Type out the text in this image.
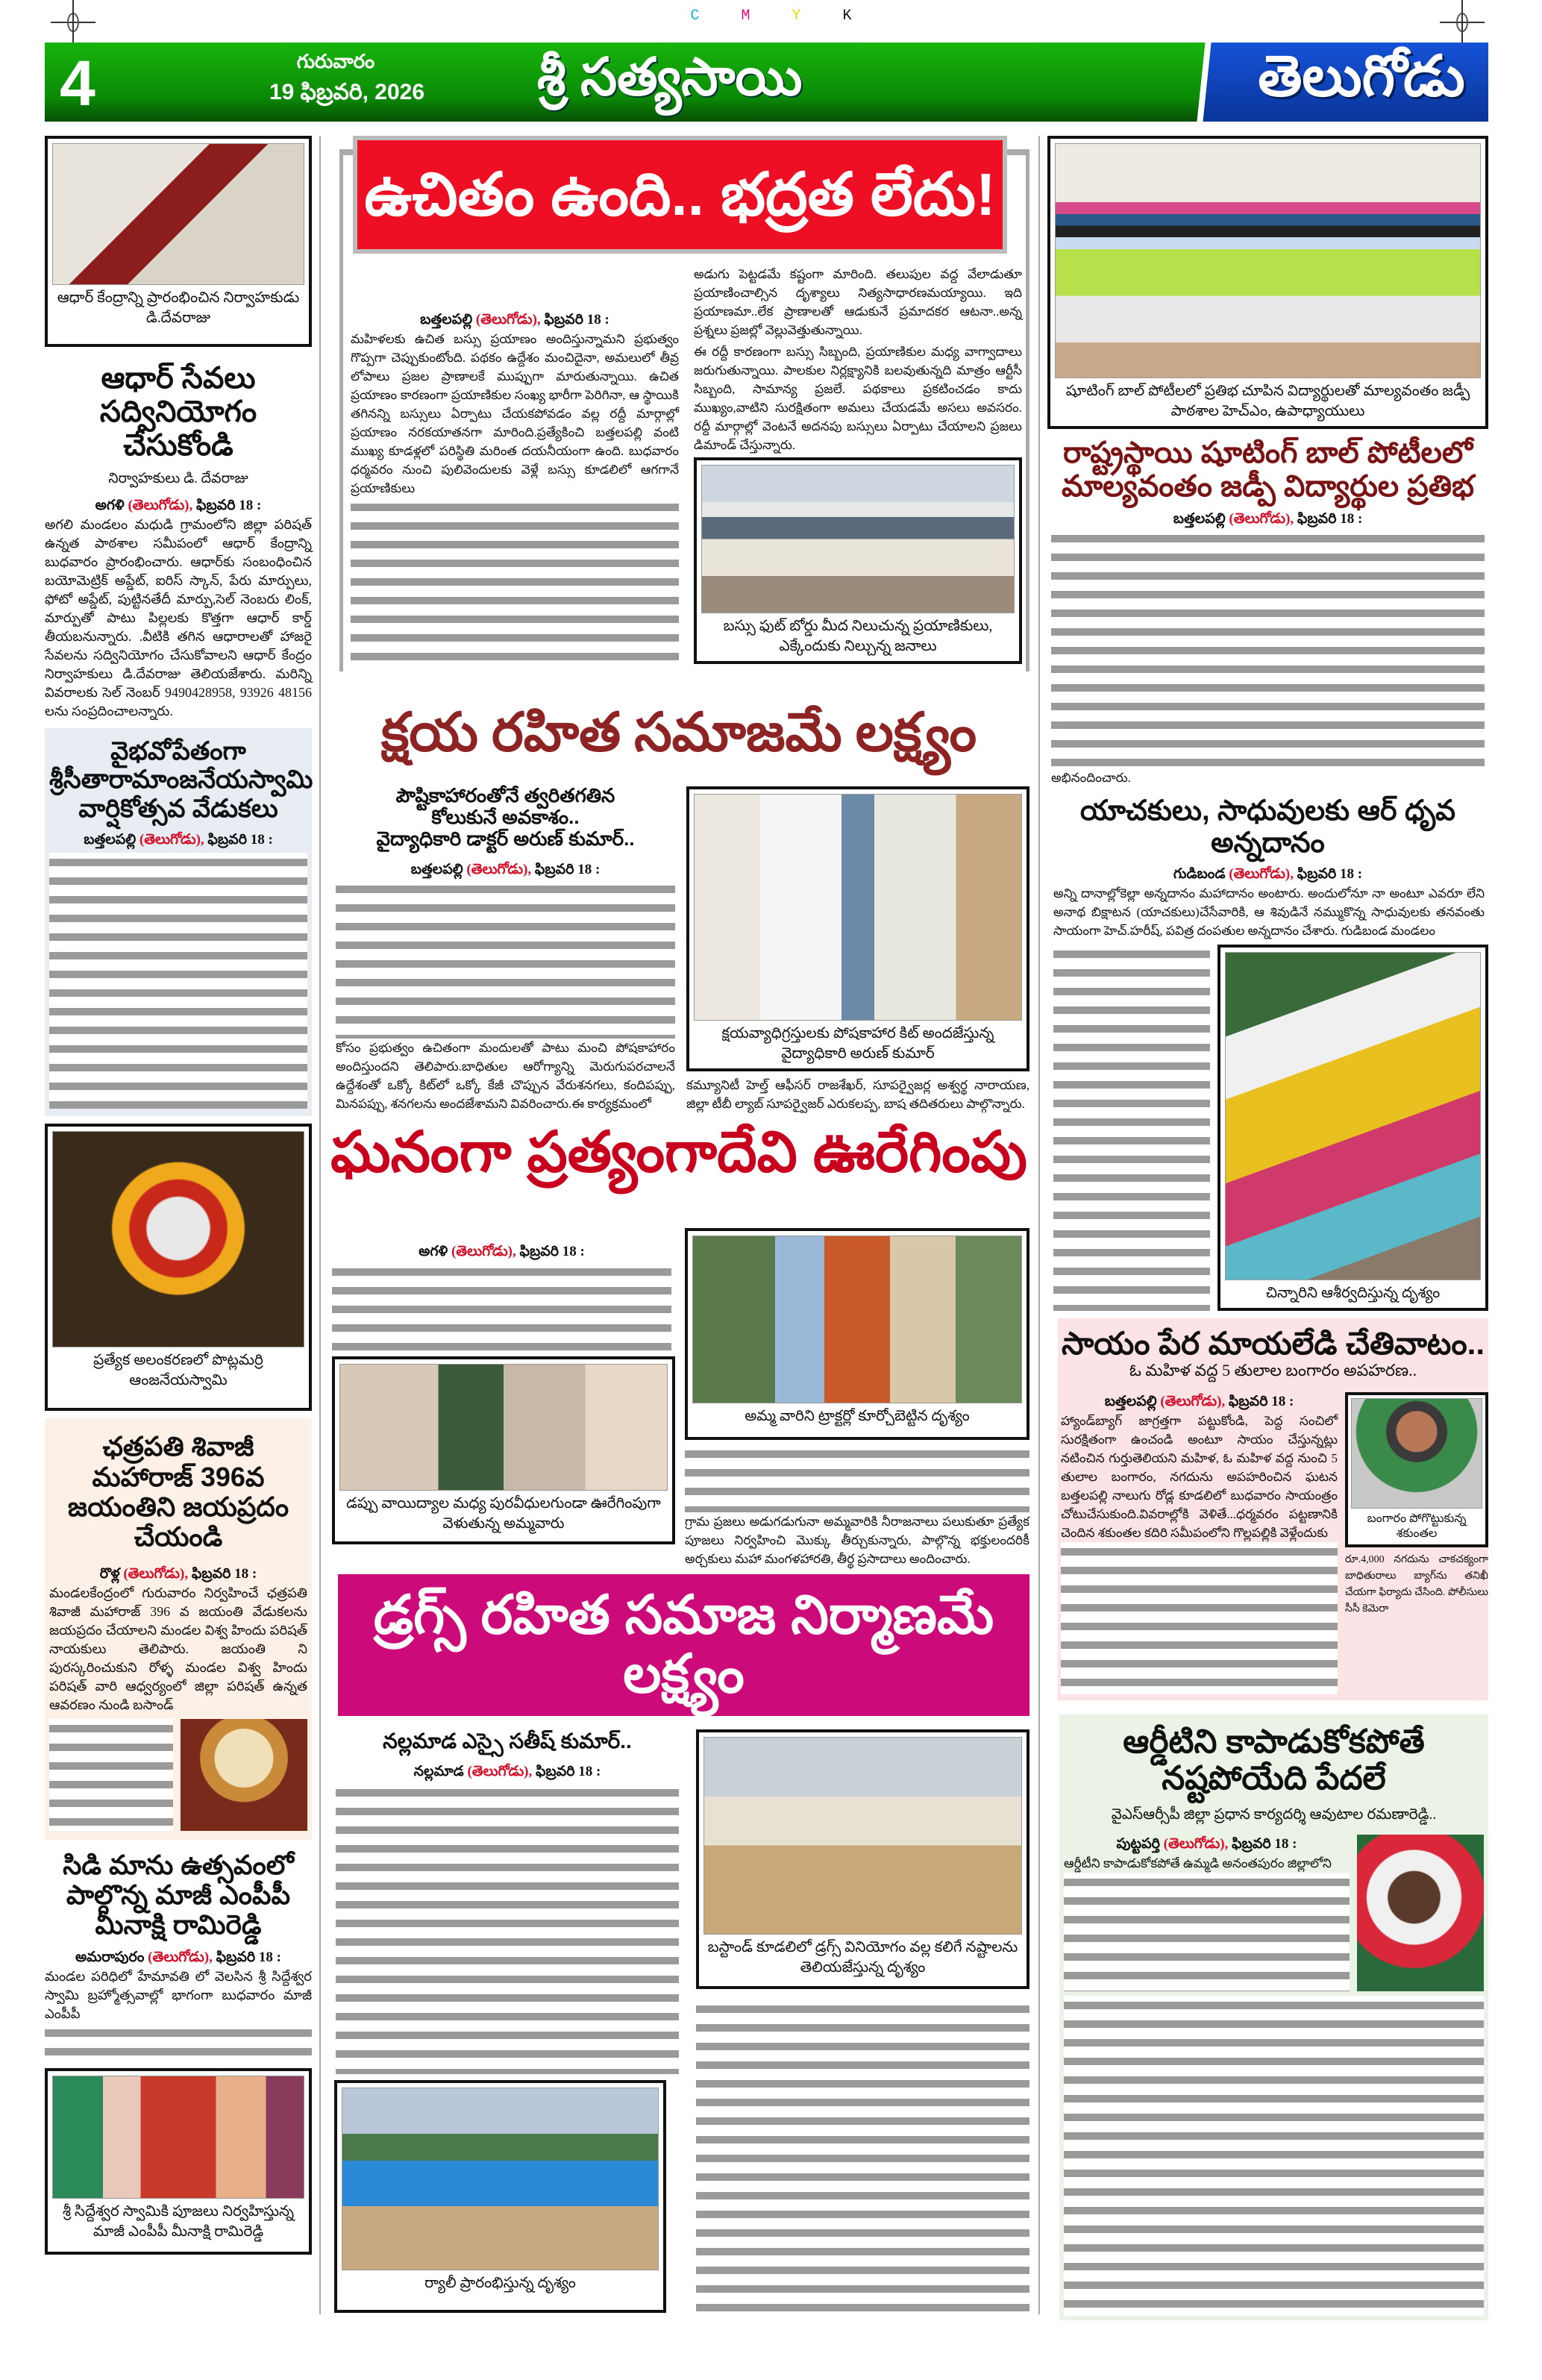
C	M	Y	K
4	గురువారం
19 ఫిబ్రవరి, 2026 శ్రీ సత్యసాయి	తెలుగోడు
ఆధార్ కేంద్రాన్ని ప్రారంభించిన నిర్వాహకుడు డి.దేవరాజు
ఆధార్ సేవలు సద్వినియోగం చేసుకోండి
నిర్వాహకులు డి. దేవరాజు
అగళి (తెలుగోడు), ఫిబ్రవరి 18 :
అగలి మండలం మధుడి గ్రామంలోని జిల్లా పరిషత్ ఉన్నత పాఠశాల సమీపంలో ఆధార్ కేంద్రాన్ని బుధవారం ప్రారంభించారు. ఆధార్‌కు సంబంధించిన బయోమెట్రిక్ అప్డేట్, ఐరిస్ స్కాన్, పేరు మార్పులు, ఫోటో అప్డేట్, పుట్టినతేదీ మార్పు,సెల్ నెంబరు లింక్, మార్పుతో పాటు పిల్లలకు కొత్తగా ఆధార్ కార్డ్ తీయబనున్నారు. .వీటికి తగిన ఆధారాలతో హాజరై సేవలను సద్వినియోగం చేసుకోవాలని ఆధార్ కేంద్రం నిర్వాహకులు డి.దేవరాజు తెలియజేశారు. మరిన్ని వివరాలకు సెల్ నెంబర్ 9490428958, 93926 48156 లను సంప్రదించాలన్నారు.
వైభవోపేతంగా శ్రీసీతారామాంజనేయస్వామి వార్షికోత్సవ వేడుకలు
బత్తలపల్లి (తెలుగోడు), ఫిబ్రవరి 18 :
ప్రత్యేక అలంకరణలో పొట్లమర్రి ఆంజనేయస్వామి
ఛత్రపతి శివాజీ మహారాజ్ 396వ జయంతిని జయప్రదం చేయండి
రొళ్ల (తెలుగోడు), ఫిబ్రవరి 18 :
మండలకేంద్రంలో గురువారం నిర్వహించే ఛత్రపతి శివాజీ మహారాజ్ 396 వ జయంతి వేడుకలను జయప్రదం చేయాలని మండల విశ్వ హిందు పరిషత్ నాయకులు తెలిపారు. జయంతి ని పురస్కరించుకుని రోళ్ళ మండల విశ్వ హిందు పరిషత్ వారి ఆధ్వర్యంలో జిల్లా పరిషత్ ఉన్నత ఆవరణం నుండి బసాండ్
సిడి మాను ఉత్సవంలో పాల్గొన్న మాజీ ఎంపీపీ మీనాక్షి రామిరెడ్డి
అమరాపురం (తెలుగోడు), ఫిబ్రవరి 18 :
మండల పరిధిలో హేమావతి లో వెలసిన శ్రీ సిద్దేశ్వర స్వామి బ్రహ్మోత్సవాల్లో భాగంగా బుధవారం మాజీ ఎంపీపీ
శ్రీ సిద్దేశ్వర స్వామికి పూజలు నిర్వహిస్తున్న మాజీ ఎంపీపీ మీనాక్షి రామిరెడ్డి
ఉచితం ఉంది.. భద్రత లేదు!
బత్తలపల్లి (తెలుగోడు), ఫిబ్రవరి 18 :
మహిళలకు ఉచిత బస్సు ప్రయాణం అందిస్తున్నామని ప్రభుత్వం గొప్పగా చెప్పుకుంటోంది. పథకం ఉద్దేశం మంచిదైనా, అమలులో తీవ్ర లోపాలు ప్రజల ప్రాణాలకే ముప్పుగా మారుతున్నాయి. ఉచిత ప్రయాణం కారణంగా ప్రయాణికుల సంఖ్య భారీగా పెరిగినా, ఆ స్థాయికి తగినన్ని బస్సులు ఏర్పాటు చేయకపోవడం వల్ల రద్దీ మార్గాల్లో ప్రయాణం నరకయాతనగా మారింది.ప్రత్యేకించి బత్తలపల్లి వంటి ముఖ్య కూడళ్లలో పరిస్థితి మరింత దయనీయంగా ఉంది. బుధవారం ధర్మవరం నుంచి పులివెందులకు వెళ్లే బస్సు కూడలిలో ఆగగానే ప్రయాణికులు
అడుగు పెట్టడమే కష్టంగా మారింది. తలుపుల వద్ద వేలాడుతూ ప్రయాణించాల్సిన దృశ్యాలు నిత్యసాధారణమయ్యాయి. ఇది ప్రయాణమా..లేక ప్రాణాలతో ఆడుకునే ప్రమాదకర ఆటనా..అన్న ప్రశ్నలు ప్రజల్లో వెల్లువెత్తుతున్నాయి.
ఈ రద్దీ కారణంగా బస్సు సిబ్బంది, ప్రయాణికుల మధ్య వాగ్వాదాలు జరుగుతున్నాయి. పాలకుల నిర్లక్ష్యానికి బలవుతున్నది మాత్రం ఆర్టీసీ సిబ్బంది, సామాన్య ప్రజలే. పథకాలు ప్రకటించడం కాదు ముఖ్యం,వాటిని సురక్షితంగా అమలు చేయడమే అసలు అవసరం. రద్దీ మార్గాల్లో వెంటనే అదనపు బస్సులు ఏర్పాటు చేయాలని ప్రజలు డిమాండ్ చేస్తున్నారు.
బస్సు ఫుట్ బోర్డు మీద నిలుచున్న ప్రయాణికులు, ఎక్కేందుకు నిల్చున్న జనాలు
క్షయ రహిత సమాజమే లక్ష్యం
పౌష్టికాహారంతోనే త్వరితగతిన
కోలుకునే అవకాశం..
వైద్యాధికారి డాక్టర్ అరుణ్ కుమార్..
బత్తలపల్లి (తెలుగోడు), ఫిబ్రవరి 18 :
కోసం ప్రభుత్వం ఉచితంగా మందులతో పాటు మంచి పోషకాహారం అందిస్తుందని తెలిపారు.బాధితుల ఆరోగ్యాన్ని మెరుగుపరచాలనే ఉద్దేశంతో ఒక్కో కిట్‌లో ఒక్కో కేజీ చొప్పున వేరుశనగలు, కందిపప్పు, మినపప్పు, శనగలను అందజేశామని వివరించారు.ఈ కార్యక్రమంలో
క్షయవ్యాధిగ్రస్తులకు పోషకాహార కిట్ అందజేస్తున్న వైద్యాధికారి అరుణ్ కుమార్
కమ్యూనిటీ హెల్త్ ఆఫీసర్ రాజశేఖర్, సూపర్వైజర్ల అశ్వర్థ నారాయణ, జిల్లా టీబీ ల్యాబ్ సూపర్వైజర్ ఎరుకలప్ప, బాష తదితరులు పాల్గొన్నారు.
ఘనంగా ప్రత్యంగాదేవి ఊరేగింపు
అగళి (తెలుగోడు), ఫిబ్రవరి 18 :
అమ్మ వారిని ట్రాక్టర్లో కూర్చోబెట్టిన దృశ్యం
డప్పు వాయిద్యాల మధ్య పురవీధులగుండా ఊరేగింపుగా వెళుతున్న అమ్మవారు	గ్రామ ప్రజలు అడుగడుగునా అమ్మవారికి నీరాజనాలు పలుకుతూ ప్రత్యేక పూజలు నిర్వహించి మొక్కు తీర్చుకున్నారు, పాల్గొన్న భక్తులందరికీ అర్చకులు మహా మంగళహారతి, తీర్థ ప్రసాదాలు అందించారు.
డ్రగ్స్ రహిత సమాజ నిర్మాణమే లక్ష్యం
నల్లమాడ ఎస్సై సతీష్ కుమార్..
నల్లమాడ (తెలుగోడు), ఫిబ్రవరి 18 :
బస్టాండ్ కూడలిలో డ్రగ్స్ వినియోగం వల్ల కలిగే నష్టాలను తెలియజేస్తున్న దృశ్యం
ర్యాలీ ప్రారంభిస్తున్న దృశ్యం
షూటింగ్ బాల్ పోటీలలో ప్రతిభ చూపిన విద్యార్థులతో మాల్యవంతం జడ్పీ పాఠశాల హెచ్‌ఎం, ఉపాధ్యాయులు
రాష్ట్రస్థాయి షూటింగ్ బాల్ పోటీలలో మాల్యవంతం జడ్పీ విద్యార్థుల ప్రతిభ
బత్తలపల్లి (తెలుగోడు), ఫిబ్రవరి 18 :
అభినందించారు.
యాచకులు, సాధువులకు ఆర్ ధృవ అన్నదానం
గుడిబండ (తెలుగోడు), ఫిబ్రవరి 18 :
అన్ని దానాల్లోకెల్లా అన్నదానం మహాదానం అంటారు. అందులోనూ నా అంటూ ఎవరూ లేని అనాథ బిక్షాటన (యాచకులు)చేసేవారికి, ఆ శివుడినే నమ్ముకొన్న సాధువులకు తనవంతు సాయంగా హెచ్.హరీష్, పవిత్ర దంపతుల అన్నదానం చేశారు. గుడిబండ మండలం
చిన్నారిని ఆశీర్వదిస్తున్న దృశ్యం
సాయం పేర మాయలేడి చేతివాటం..
ఓ మహిళ వద్ద 5 తులాల బంగారం అపహరణ..
బత్తలపల్లి (తెలుగోడు), ఫిబ్రవరి 18 :
హ్యాండ్‌బ్యాగ్ జాగ్రత్తగా పట్టుకోండి, పెద్ద సంచిలో సురక్షితంగా ఉంచండి అంటూ సాయం చేస్తున్నట్లు నటించిన గుర్తుతెలియని మహిళ, ఓ మహిళ వద్ద నుంచి 5 తులాల బంగారం, నగదును అపహరించిన ఘటన బత్తలపల్లి నాలుగు రోడ్ల కూడలిలో బుధవారం సాయంత్రం చోటుచేసుకుంది.వివరాల్లోకి వెళితే...ధర్మవరం పట్టణానికి చెందిన శకుంతల కదిరి సమీపంలోని గొల్లపల్లికి వెళ్లేందుకు
బంగారం పోగొట్టుకున్న శకుంతల
రూ.4,000 నగదును చాకచక్యంగా బాధితురాలు బ్యాగ్‌ను తనిఖీ చేయగా ఫిర్యాదు చేసింది. పోలీసులు సీసీ కెమెరా
ఆర్డీటిని కాపాడుకోకపోతే నష్టపోయేది పేదలే
వైఎస్ఆర్సీపీ జిల్లా ప్రధాన కార్యదర్శి ఆవుటాల రమణారెడ్డి..
పుట్టపర్తి (తెలుగోడు), ఫిబ్రవరి 18 :
ఆర్డీటీని కాపాడుకోకపోతే ఉమ్మడి అనంతపురం జిల్లాలోని
